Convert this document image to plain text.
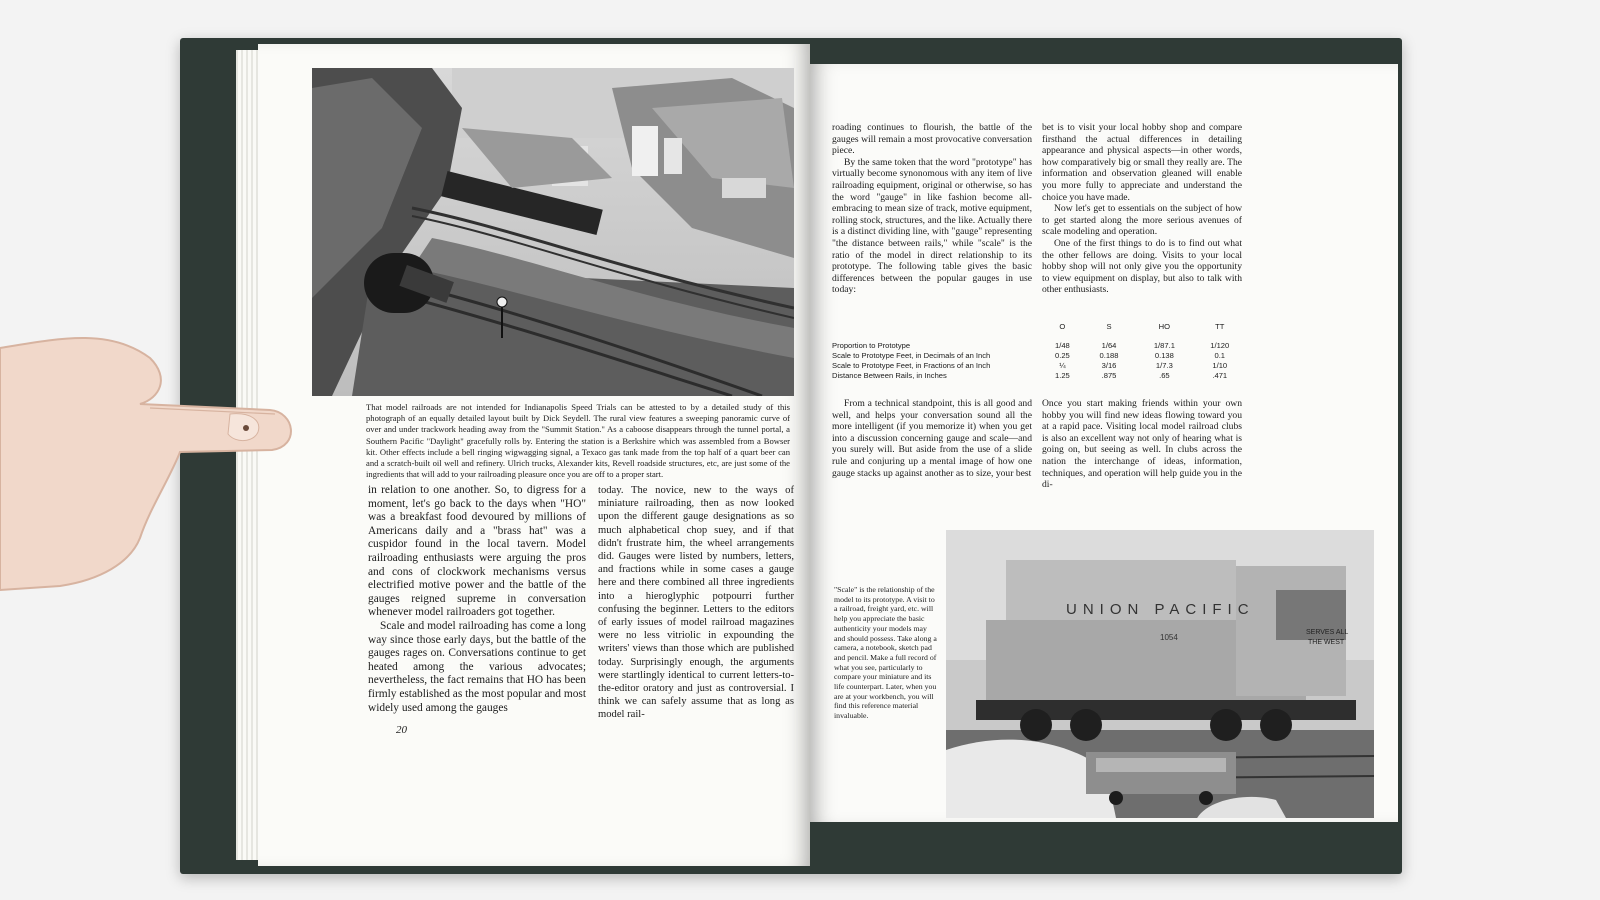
That model railroads are not intended for Indianapolis Speed Trials can be attested to by a detailed study of this photograph of an equally detailed layout built by Dick Seydell. The rural view features a sweeping panoramic curve of over and under trackwork heading away from the "Summit Station." As a caboose disappears through the tunnel portal, a Southern Pacific "Daylight" gracefully rolls by. Entering the station is a Berkshire which was assembled from a Bowser kit. Other effects include a bell ringing wigwagging signal, a Texaco gas tank made from the top half of a quart beer can and a scratch-built oil well and refinery. Ulrich trucks, Alexander kits, Revell roadside structures, etc, are just some of the ingredients that will add to your railroading pleasure once you are off to a proper start.

in relation to one another. So, to digress for a moment, let's go back to the days when "HO" was a breakfast food devoured by millions of Americans daily and a "brass hat" was a cuspidor found in the local tavern. Model railroading enthusiasts were arguing the pros and cons of clockwork mechanisms versus electrified motive power and the battle of the gauges reigned supreme in conversation whenever model railroaders got together.

Scale and model railroading has come a long way since those early days, but the battle of the gauges rages on. Conversations continue to get heated among the various advocates; nevertheless, the fact remains that HO has been firmly established as the most popular and most widely used among the gauges

today. The novice, new to the ways of miniature railroading, then as now looked upon the different gauge designations as so much alphabetical chop suey, and if that didn't frustrate him, the wheel arrangements did. Gauges were listed by numbers, letters, and fractions while in some cases a gauge here and there combined all three ingredients into a hieroglyphic potpourri further confusing the beginner. Letters to the editors of early issues of model railroad magazines were no less vitriolic in expounding the writers' views than those which are published today. Surprisingly enough, the arguments were startlingly identical to current letters-to-the-editor oratory and just as controversial. I think we can safely assume that as long as model rail-

20

roading continues to flourish, the battle of the gauges will remain a most provocative conversation piece.

By the same token that the word "prototype" has virtually become synonomous with any item of live railroading equipment, original or otherwise, so has the word "gauge" in like fashion become all-embracing to mean size of track, motive equipment, rolling stock, structures, and the like. Actually there is a distinct dividing line, with "gauge" representing "the distance between rails," while "scale" is the ratio of the model in direct relationship to its prototype. The following table gives the basic differences between the popular gauges in use today:

bet is to visit your local hobby shop and compare firsthand the actual differences in detailing appearance and physical aspects—in other words, how comparatively big or small they really are. The information and observation gleaned will enable you more fully to appreciate and understand the choice you have made.

Now let's get to essentials on the subject of how to get started along the more serious avenues of scale modeling and operation.

One of the first things to do is to find out what the other fellows are doing. Visits to your local hobby shop will not only give you the opportunity to view equipment on display, but also to talk with other enthusiasts.

	O	S	HO	TT
Proportion to Prototype	1/48	1/64	1/87.1	1/120
Scale to Prototype Feet, in Decimals of an Inch	0.25	0.188	0.138	0.1
Scale to Prototype Feet, in Fractions of an Inch	¼	3/16	1/7.3	1/10
Distance Between Rails, in Inches	1.25	.875	.65	.471

From a technical standpoint, this is all good and well, and helps your conversation sound all the more intelligent (if you memorize it) when you get into a discussion concerning gauge and scale—and you surely will. But aside from the use of a slide rule and conjuring up a mental image of how one gauge stacks up against another as to size, your best

Once you start making friends within your own hobby you will find new ideas flowing toward you at a rapid pace. Visiting local model railroad clubs is also an excellent way not only of hearing what is going on, but seeing as well. In clubs across the nation the interchange of ideas, information, techniques, and operation will help guide you in the di-

"Scale" is the relationship of the model to its prototype. A visit to a railroad, freight yard, etc. will help you appreciate the basic authenticity your models may and should possess. Take along a camera, a notebook, sketch pad and pencil. Make a full record of what you see, particularly to compare your miniature and its life counterpart. Later, when you are at your workbench, you will find this reference material invaluable.
UNION PACIFIC
1054
SERVES ALL
THE WEST
